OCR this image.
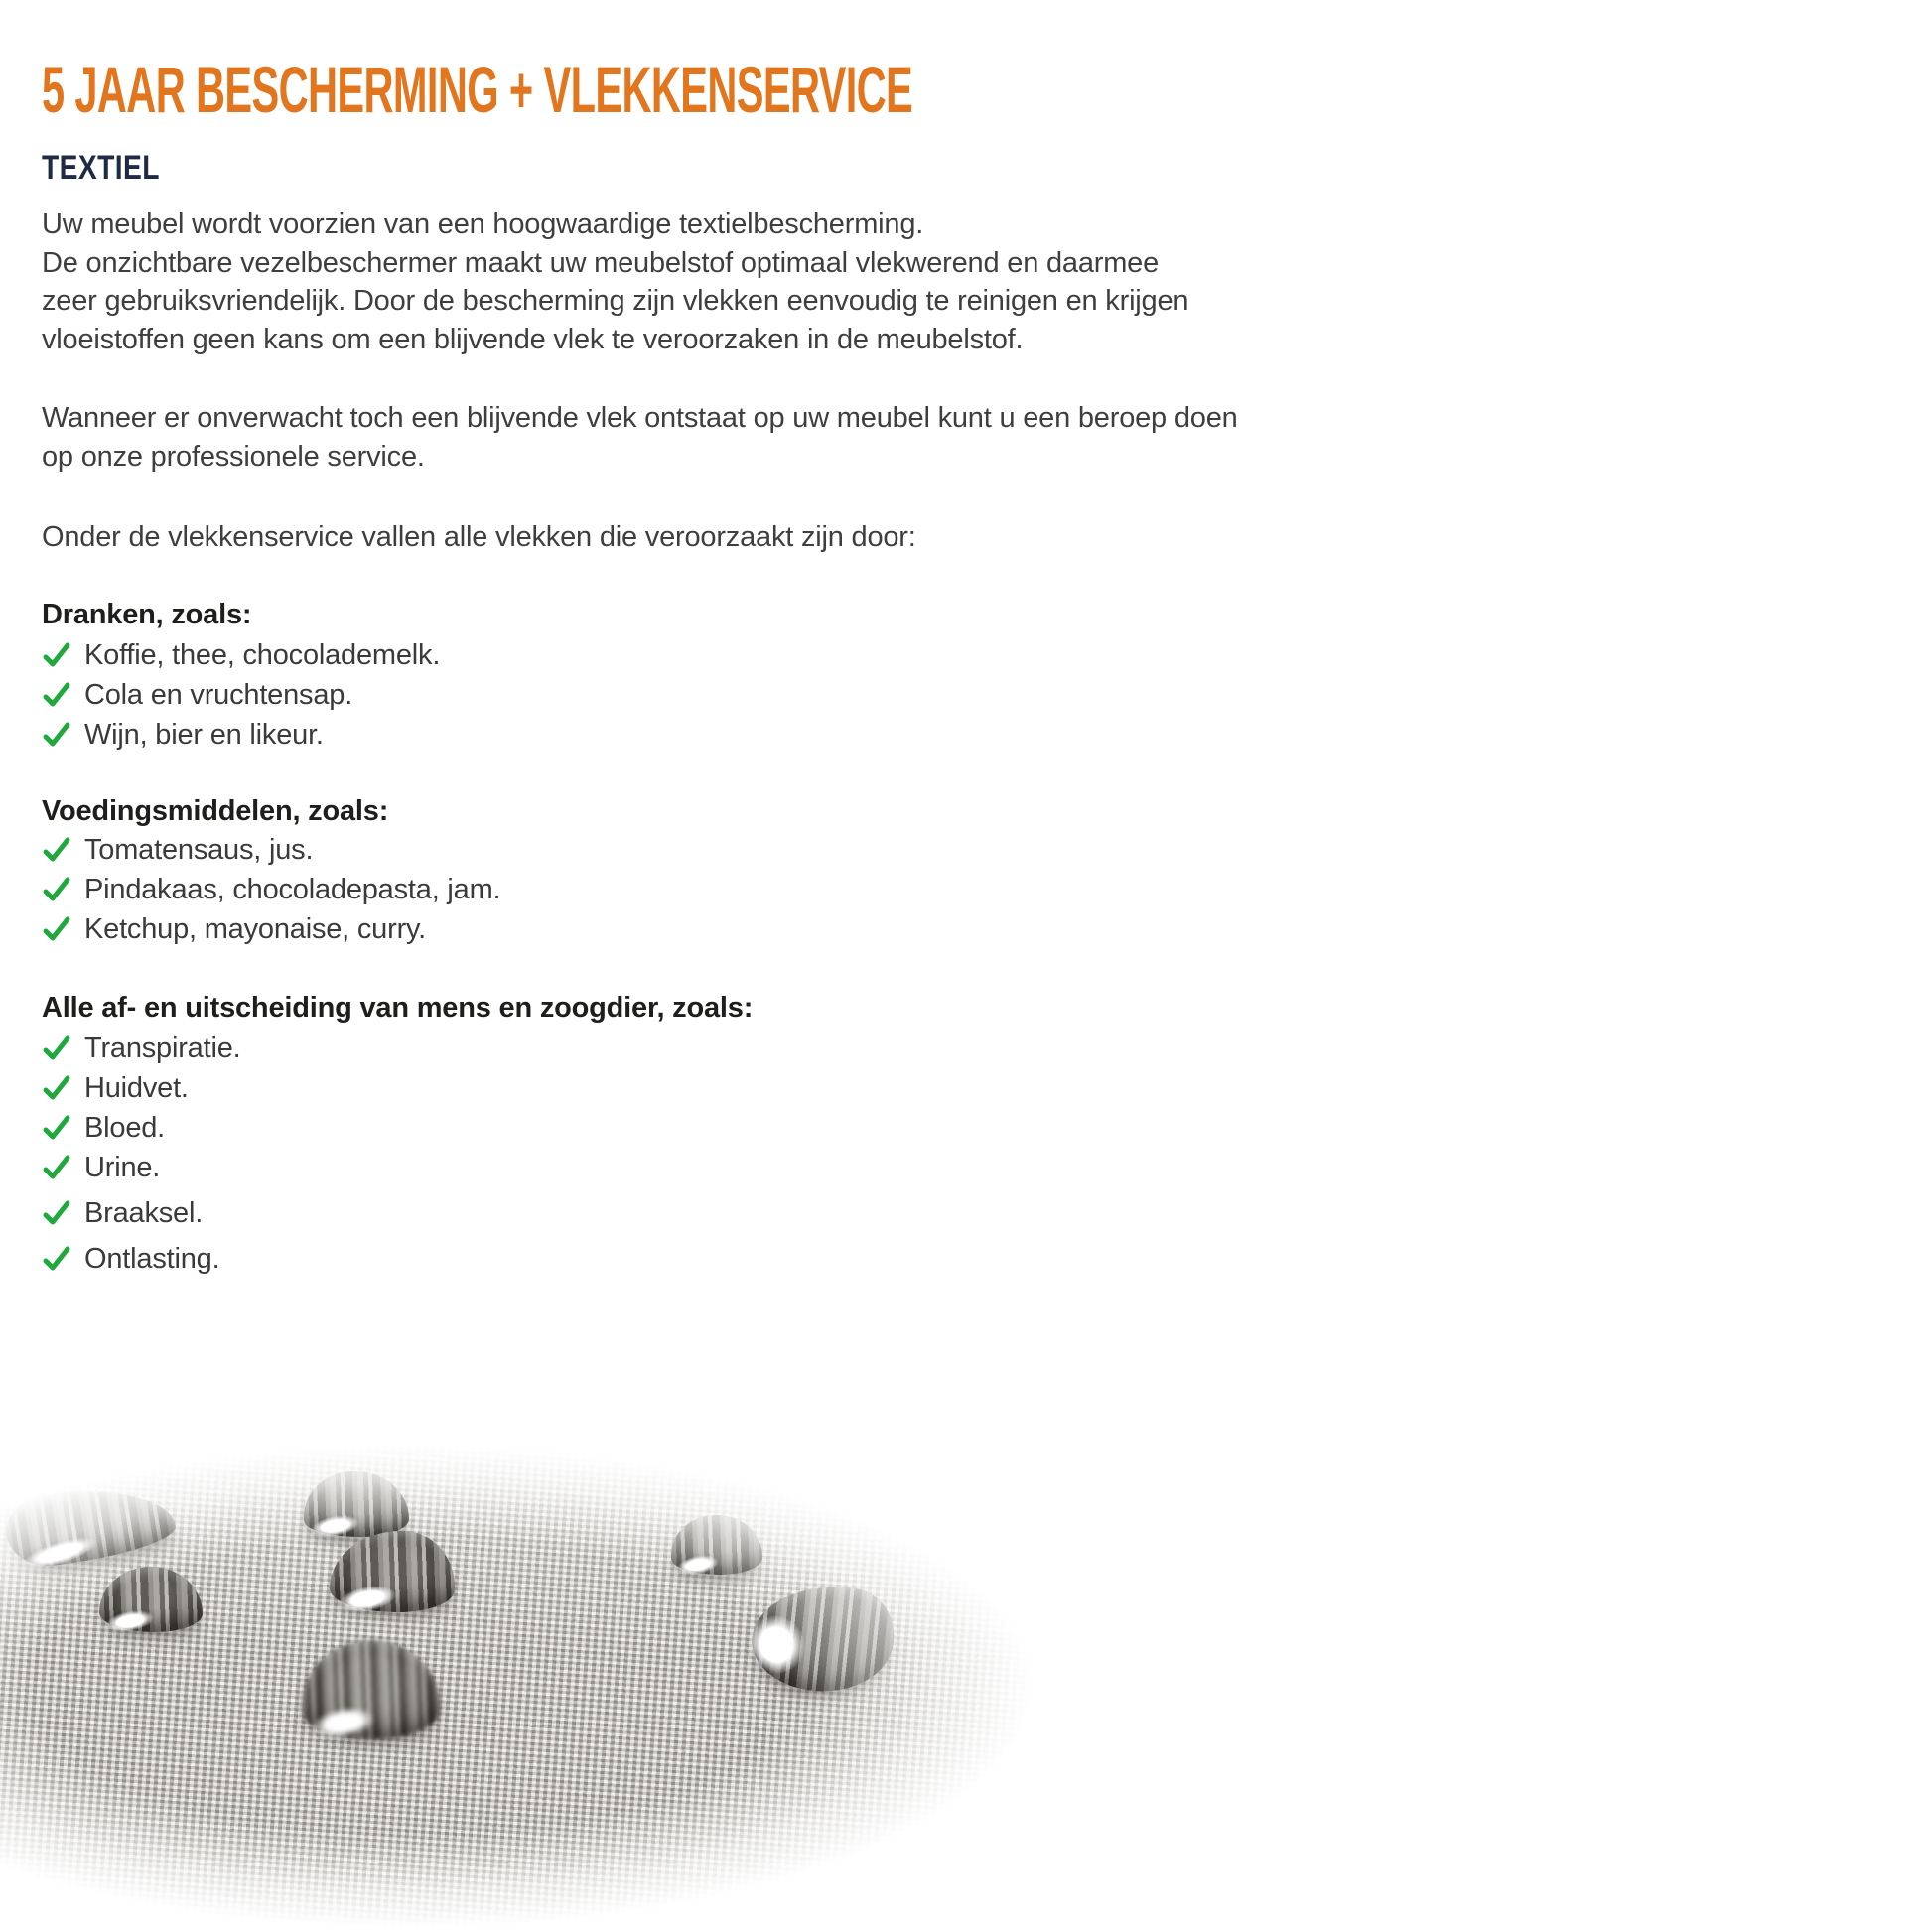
5 JAAR BESCHERMING + VLEKKENSERVICE
TEXTIEL
Uw meubel wordt voorzien van een hoogwaardige textielbescherming.
De onzichtbare vezelbeschermer maakt uw meubelstof optimaal vlekwerend en daarmee
zeer gebruiksvriendelijk. Door de bescherming zijn vlekken eenvoudig te reinigen en krijgen
vloeistoffen geen kans om een blijvende vlek te veroorzaken in de meubelstof.
Wanneer er onverwacht toch een blijvende vlek ontstaat op uw meubel kunt u een beroep doen
op onze professionele service.
Onder de vlekkenservice vallen alle vlekken die veroorzaakt zijn door:
Dranken, zoals:
Koffie, thee, chocolademelk.
Cola en vruchtensap.
Wijn, bier en likeur.
Voedingsmiddelen, zoals:
Tomatensaus, jus.
Pindakaas, chocoladepasta, jam.
Ketchup, mayonaise, curry.
Alle af- en uitscheiding van mens en zoogdier, zoals:
Transpiratie.
Huidvet.
Bloed.
Urine.
Braaksel.
Ontlasting.
